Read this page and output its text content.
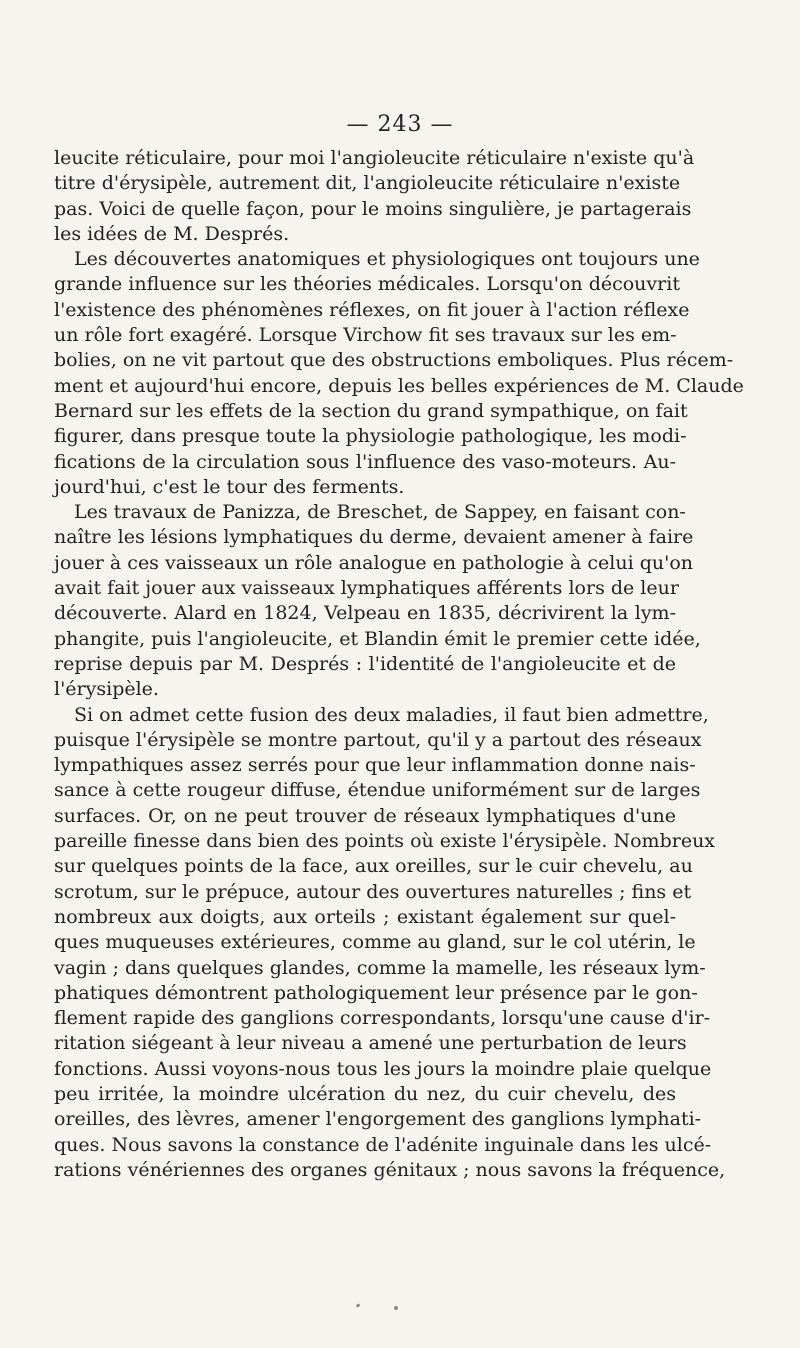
— 243 —
leucite réticulaire, pour moi l'angioleucite réticulaire n'existe qu'à
titre d'érysipèle, autrement dit, l'angioleucite réticulaire n'existe
pas. Voici de quelle façon, pour le moins singulière, je partagerais
les idées de M. Després.
Les découvertes anatomiques et physiologiques ont toujours une
grande influence sur les théories médicales. Lorsqu'on découvrit
l'existence des phénomènes réflexes, on fit jouer à l'action réflexe
un rôle fort exagéré. Lorsque Virchow fit ses travaux sur les em-
bolies, on ne vit partout que des obstructions emboliques. Plus récem-
ment et aujourd'hui encore, depuis les belles expériences de M. Claude
Bernard sur les effets de la section du grand sympathique, on fait
figurer, dans presque toute la physiologie pathologique, les modi-
fications de la circulation sous l'influence des vaso-moteurs. Au-
jourd'hui, c'est le tour des ferments.
Les travaux de Panizza, de Breschet, de Sappey, en faisant con-
naître les lésions lymphatiques du derme, devaient amener à faire
jouer à ces vaisseaux un rôle analogue en pathologie à celui qu'on
avait fait jouer aux vaisseaux lymphatiques afférents lors de leur
découverte. Alard en 1824, Velpeau en 1835, décrivirent la lym-
phangite, puis l'angioleucite, et Blandin émit le premier cette idée,
reprise depuis par M. Després : l'identité de l'angioleucite et de
l'érysipèle.
Si on admet cette fusion des deux maladies, il faut bien admettre,
puisque l'érysipèle se montre partout, qu'il y a partout des réseaux
lympathiques assez serrés pour que leur inflammation donne nais-
sance à cette rougeur diffuse, étendue uniformément sur de larges
surfaces. Or, on ne peut trouver de réseaux lymphatiques d'une
pareille finesse dans bien des points où existe l'érysipèle. Nombreux
sur quelques points de la face, aux oreilles, sur le cuir chevelu, au
scrotum, sur le prépuce, autour des ouvertures naturelles ; fins et
nombreux aux doigts, aux orteils ; existant également sur quel-
ques muqueuses extérieures, comme au gland, sur le col utérin, le
vagin ; dans quelques glandes, comme la mamelle, les réseaux lym-
phatiques démontrent pathologiquement leur présence par le gon-
flement rapide des ganglions correspondants, lorsqu'une cause d'ir-
ritation siégeant à leur niveau a amené une perturbation de leurs
fonctions. Aussi voyons-nous tous les jours la moindre plaie quelque
peu irritée, la moindre ulcération du nez, du cuir chevelu, des
oreilles, des lèvres, amener l'engorgement des ganglions lymphati-
ques. Nous savons la constance de l'adénite inguinale dans les ulcé-
rations vénériennes des organes génitaux ; nous savons la fréquence,
